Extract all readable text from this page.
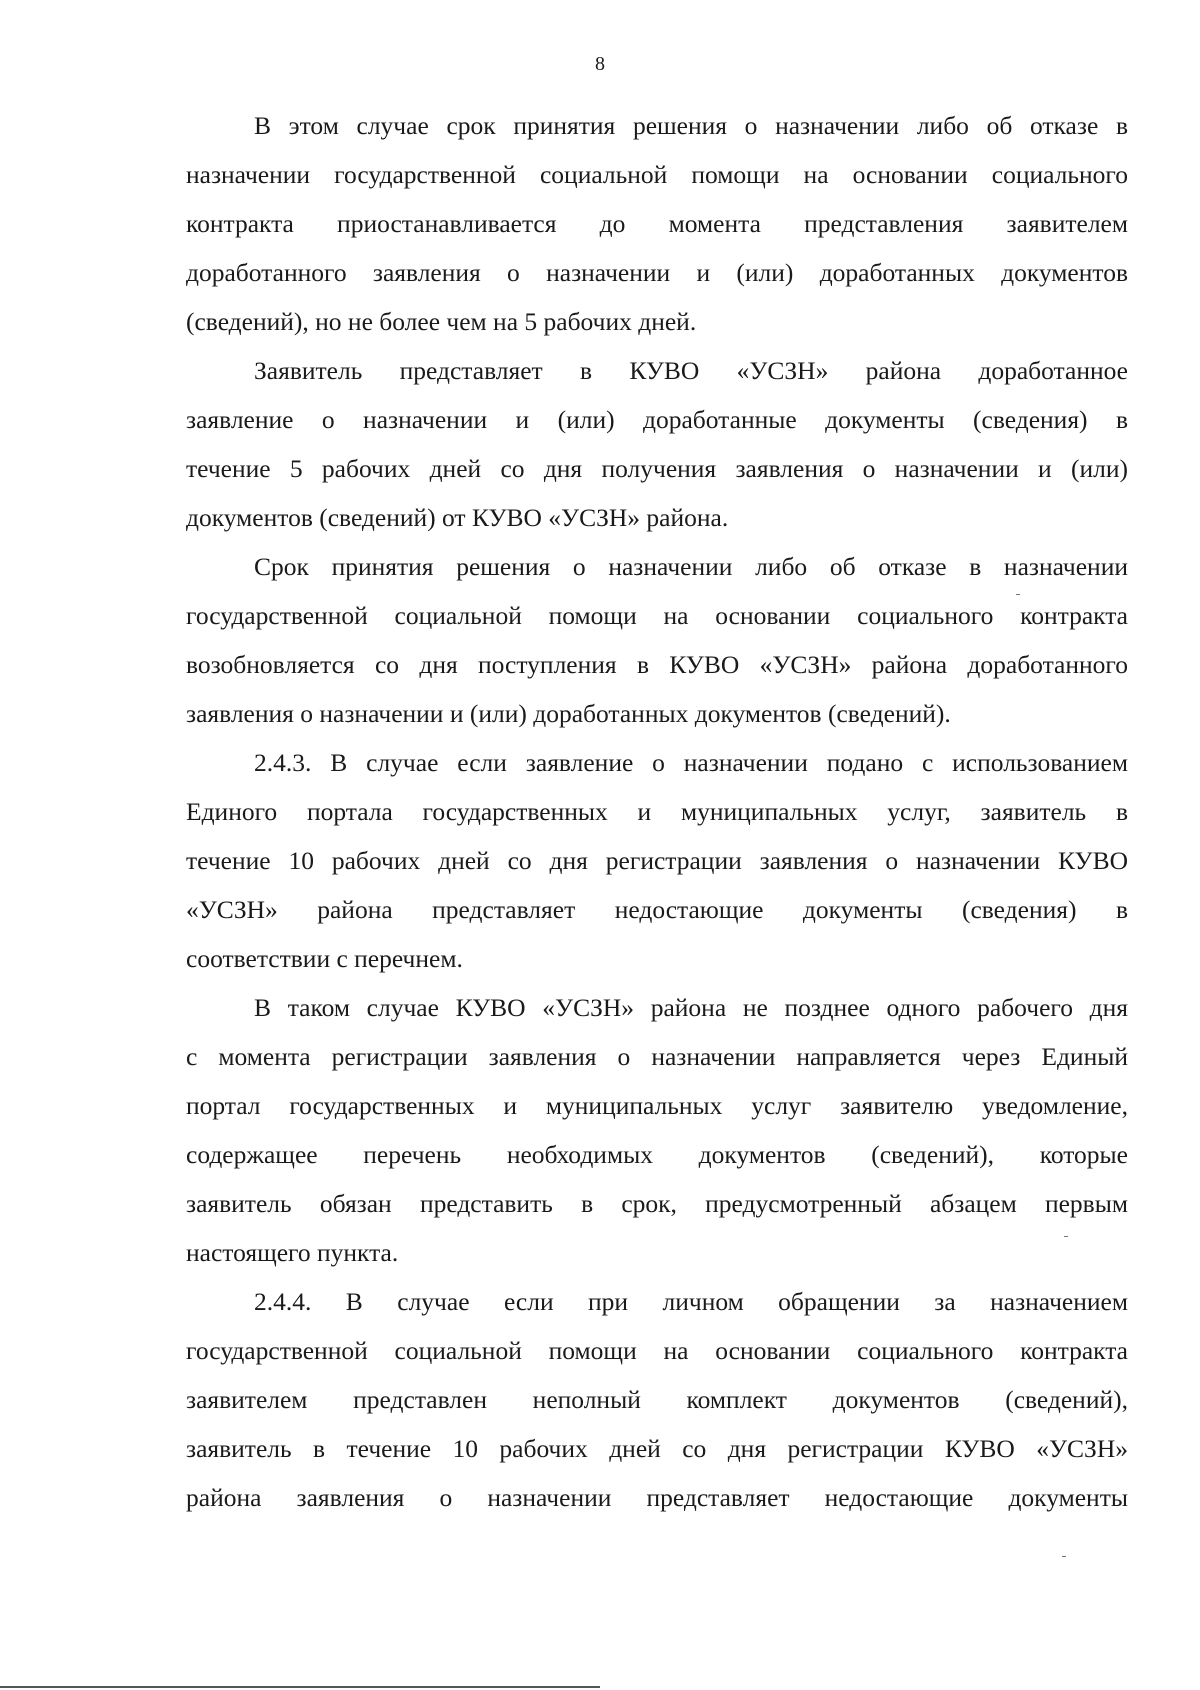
8
В этом случае срок принятия решения о назначении либо об отказе в
назначении государственной социальной помощи на основании социального
контракта приостанавливается до момента представления заявителем
доработанного заявления о назначении и (или) доработанных документов
(сведений), но не более чем на 5 рабочих дней.
Заявитель представляет в КУВО «УСЗН» района доработанное
заявление о назначении и (или) доработанные документы (сведения) в
течение 5 рабочих дней со дня получения заявления о назначении и (или)
документов (сведений) от КУВО «УСЗН» района.
Срок принятия решения о назначении либо об отказе в назначении
государственной социальной помощи на основании социального контракта
возобновляется со дня поступления в КУВО «УСЗН» района доработанного
заявления о назначении и (или) доработанных документов (сведений).
2.4.3. В случае если заявление о назначении подано с использованием
Единого портала государственных и муниципальных услуг, заявитель в
течение 10 рабочих дней со дня регистрации заявления о назначении КУВО
«УСЗН» района представляет недостающие документы (сведения) в
соответствии с перечнем.
В таком случае КУВО «УСЗН» района не позднее одного рабочего дня
с момента регистрации заявления о назначении направляется через Единый
портал государственных и муниципальных услуг заявителю уведомление,
содержащее перечень необходимых документов (сведений), которые
заявитель обязан представить в срок, предусмотренный абзацем первым
настоящего пункта.
2.4.4. В случае если при личном обращении за назначением
государственной социальной помощи на основании социального контракта
заявителем представлен неполный комплект документов (сведений),
заявитель в течение 10 рабочих дней со дня регистрации КУВО «УСЗН»
района заявления о назначении представляет недостающие документы
